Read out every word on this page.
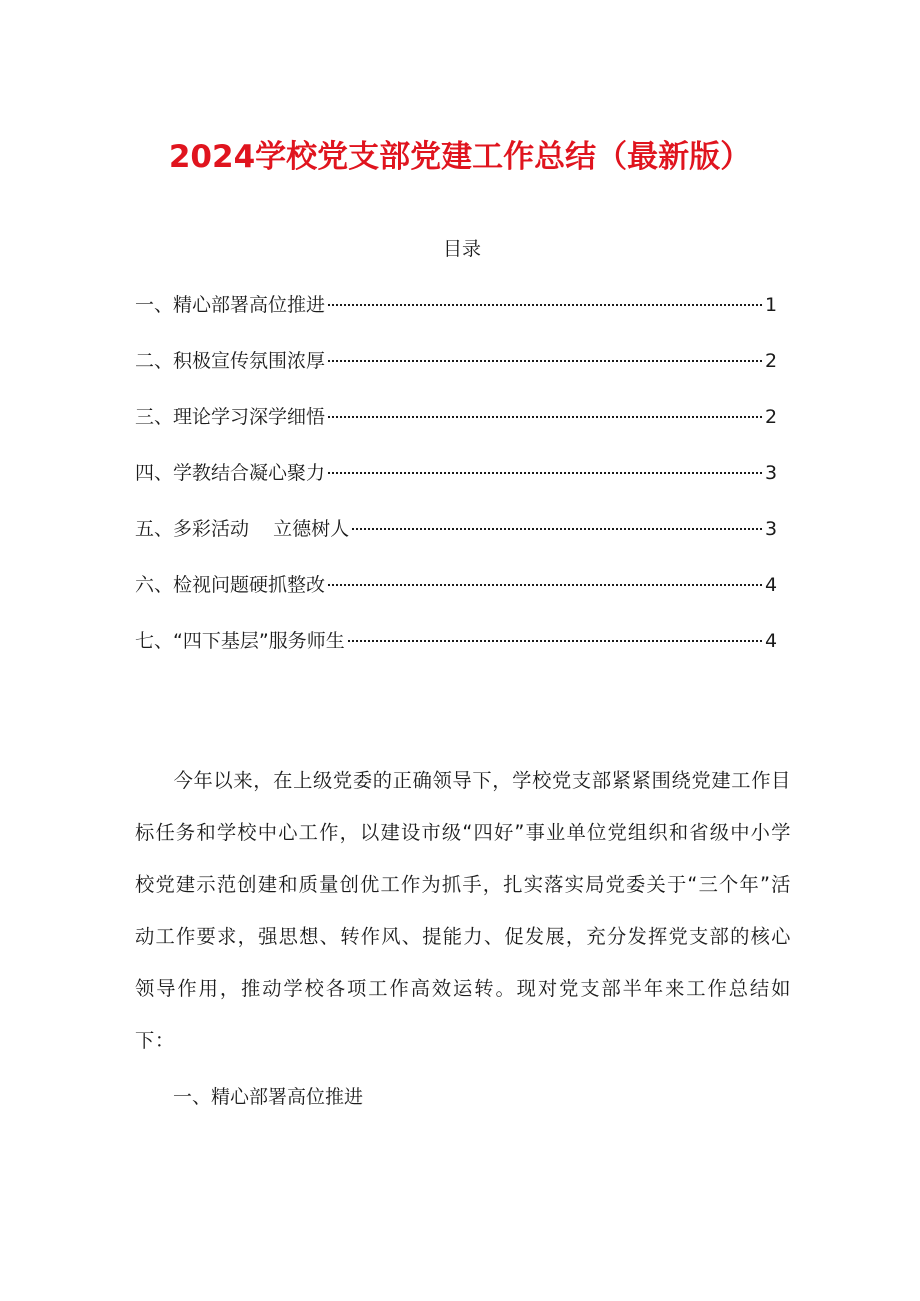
2024学校党支部党建工作总结（最新版）
目录
一、 精心部署高位推进	1
二、 积极宣传氛围浓厚	2
三、 理论学习深学细悟	2
四、 学教结合凝心聚力	3
五、 多彩活动    立德树人	3
六、 检视问题硬抓整改	4
七、 “四下基层”服务师生	4

今年以来，在上级党委的正确领导下，学校党支部紧紧围绕党建工作目标任务和学校中心工作，以建设市级“四好”事业单位党组织和省级中小学校党建示范创建和质量创优工作为抓手，扎实落实局党委关于“三个年”活动工作要求，强思想、转作风、提能力、促发展，充分发挥党支部的核心领导作用，推动学校各项工作高效运转。现对党支部半年来工作总结如下：

一、精心部署高位推进
